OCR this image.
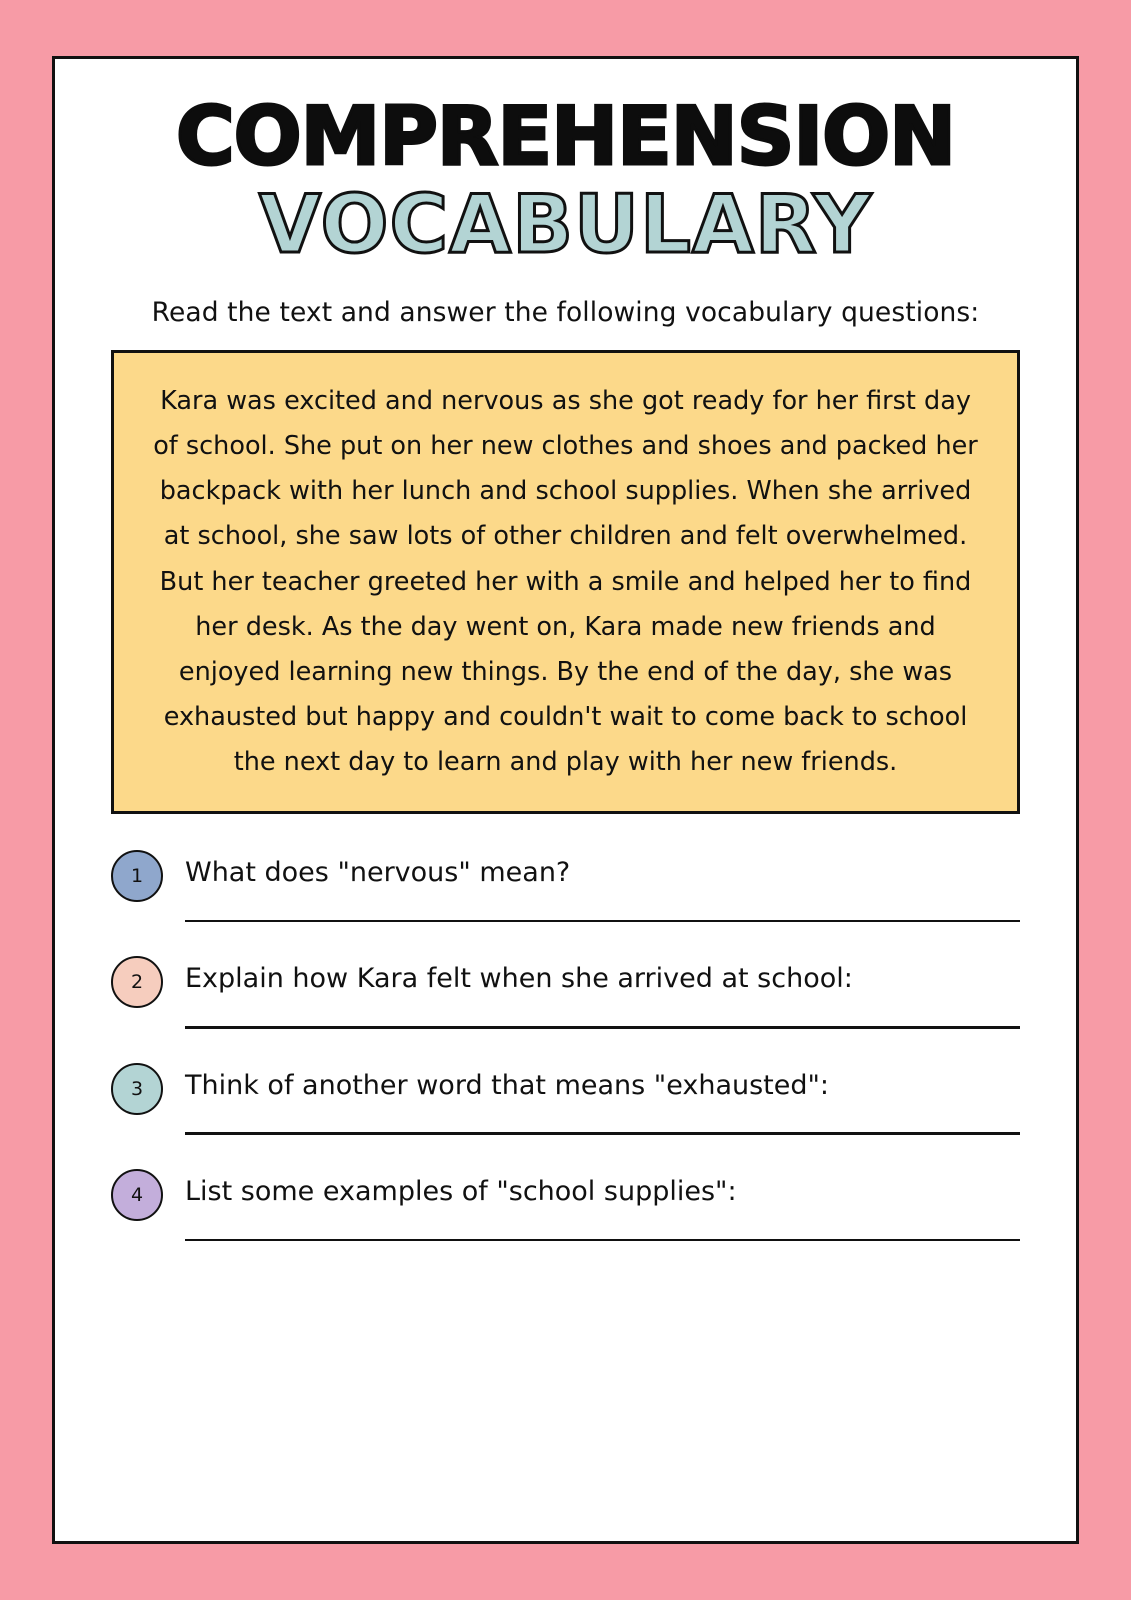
COMPREHENSION
VOCABULARY
Read the text and answer the following vocabulary questions:

Kara was excited and nervous as she got ready for her first day of school. She put on her new clothes and shoes and packed her backpack with her lunch and school supplies. When she arrived at school, she saw lots of other children and felt overwhelmed. But her teacher greeted her with a smile and helped her to find her desk. As the day went on, Kara made new friends and enjoyed learning new things. By the end of the day, she was exhausted but happy and couldn't wait to come back to school the next day to learn and play with her new friends.

1	What does "nervous" mean?
2	Explain how Kara felt when she arrived at school:
3	Think of another word that means "exhausted":
4	List some examples of "school supplies":
